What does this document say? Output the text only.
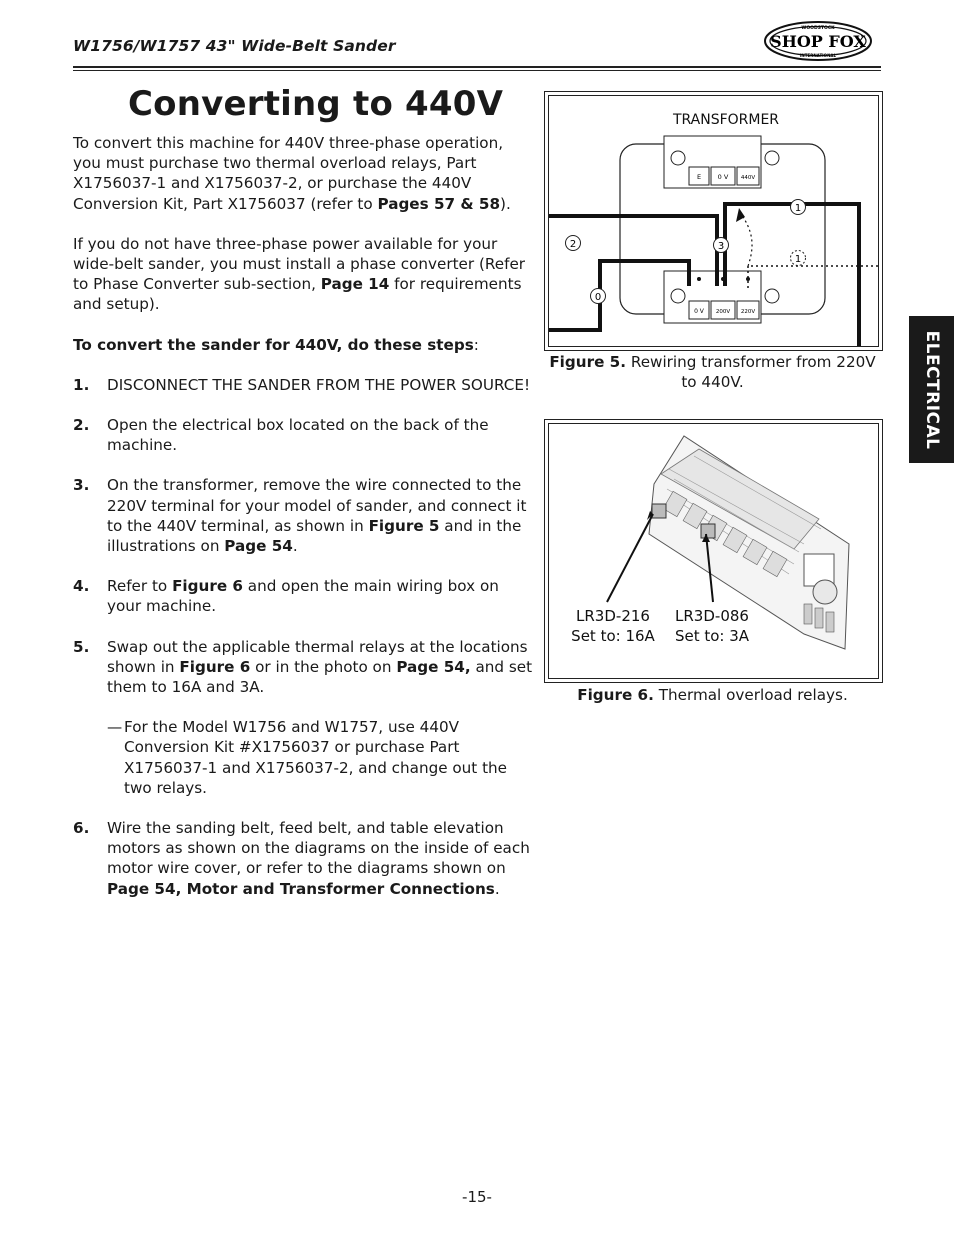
W1756/W1757 43" Wide-Belt Sander
WOODSTOCK
SHOP FOX
INTERNATIONAL
Converting to 440V

To convert this machine for 440V three-phase operation, you must purchase two thermal overload relays, Part X1756037-1 and X1756037-2, or purchase the 440V Conversion Kit, Part X1756037 (refer to Pages 57 & 58).

If you do not have three-phase power available for your wide-belt sander, you must install a phase converter (Refer to Phase Converter sub-section, Page 14 for requirements and setup).

To convert the sander for 440V, do these steps:

1.	DISCONNECT THE SANDER FROM THE POWER SOURCE!
2.	Open the electrical box located on the back of the machine.
3.	On the transformer, remove the wire connected to the 220V terminal for your model of sander, and connect it to the 440V terminal, as shown in Figure 5 and in the illustrations on Page 54.
4.	Refer to Figure 6 and open the main wiring box on your machine.
5.	Swap out the applicable thermal relays at the locations shown in Figure 6 or in the photo on Page 54, and set them to 16A and 3A.
— For the Model W1756 and W1757, use 440V Conversion Kit #X1756037 or purchase Part X1756037-1 and X1756037-2, and change out the two relays.
6.	Wire the sanding belt, feed belt, and table elevation motors as shown on the diagrams on the inside of each motor wire cover, or refer to the diagrams shown on Page 54, Motor and Transformer Connections.
TRANSFORMER
E	0 V 440V
0 V 200V 220V
1
2	3
0
1
Figure 5. Rewiring transformer from 220V to 440V.
LR3D-216
Set to: 16A
LR3D-086
Set to: 3A
Figure 6. Thermal overload relays.
ELECTRICAL
-15-
